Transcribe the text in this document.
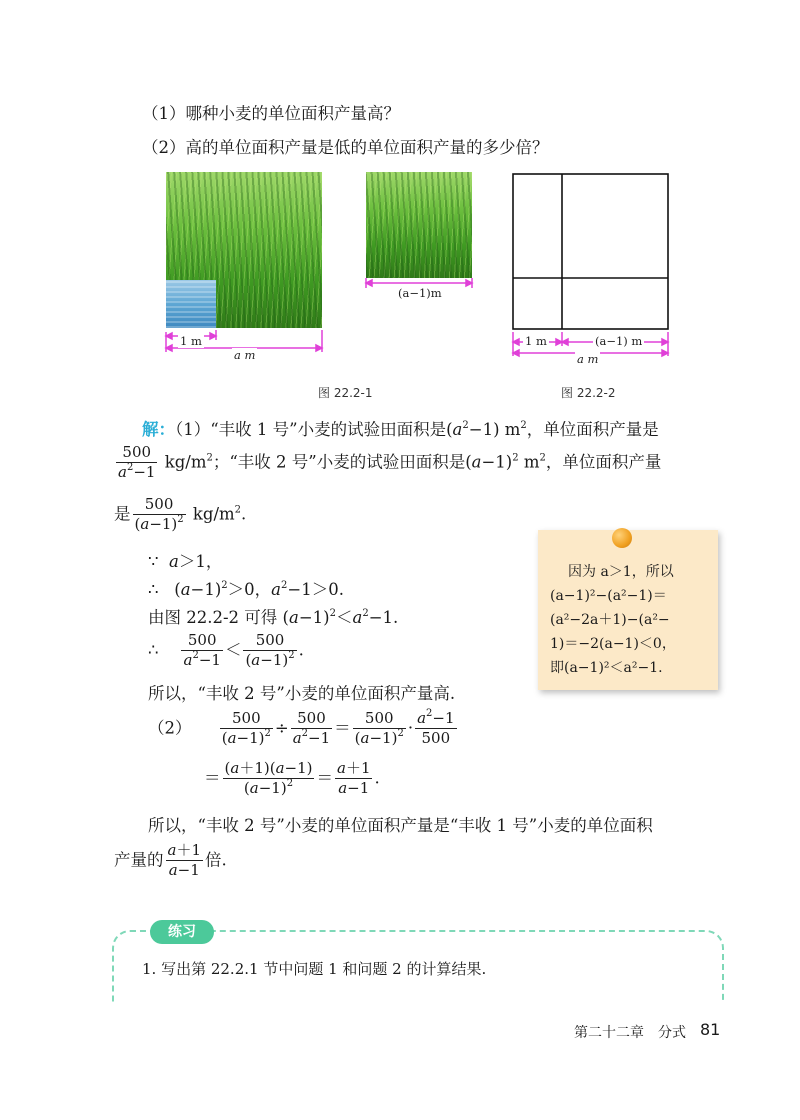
（1）哪种小麦的单位面积产量高？
（2）高的单位面积产量是低的单位面积产量的多少倍？
1 m
a m
(a−1)m
图 22.2-1
1 m	(a−1) m
a m
图 22.2-2
解：（1）“丰收 1 号”小麦的试验田面积是$(a^2-1)$ $m^2$，单位面积产量是
$\frac{500}{a^2-1} kg/m^2$；“丰收 2 号”小麦的试验田面积是$(a-1)^2$ $m^2$，单位面积产量
是 $\frac{500}{(a-1)^2} kg/m^2$.
∵ a＞1，
∴ $(a-1)^2>0$，$a^2-1>0$.
由图 22.2-2 可得 $(a-1)^2<a^2-1$.
∴ $\frac{500}{a^2-1} < \frac{500}{(a-1)^2}$ .
所以，“丰收 2 号”小麦的单位面积产量高.
$(2) \frac{500}{(a-1)^2} \div \frac{500}{a^2-1} = \frac{500}{(a-1)^2} \cdot \frac{a^2-1}{500}$
＝ $\frac{(a+1)(a-1)}{(a-1)^2} = \frac{a+1}{a-1}$ .
所以，“丰收 2 号”小麦的单位面积产量是“丰收 1 号”小麦的单位面积
产量的 $\frac{a+1}{a-1}$ 倍.
因为 a＞1，所以
(a−1)²−(a²−1)＝
(a²−2a＋1)−(a²−
1)＝−2(a−1)＜0，
即(a−1)²＜a²−1.
练习
1. 写出第 22.2.1 节中问题 1 和问题 2 的计算结果.
第二十二章　分式 81
